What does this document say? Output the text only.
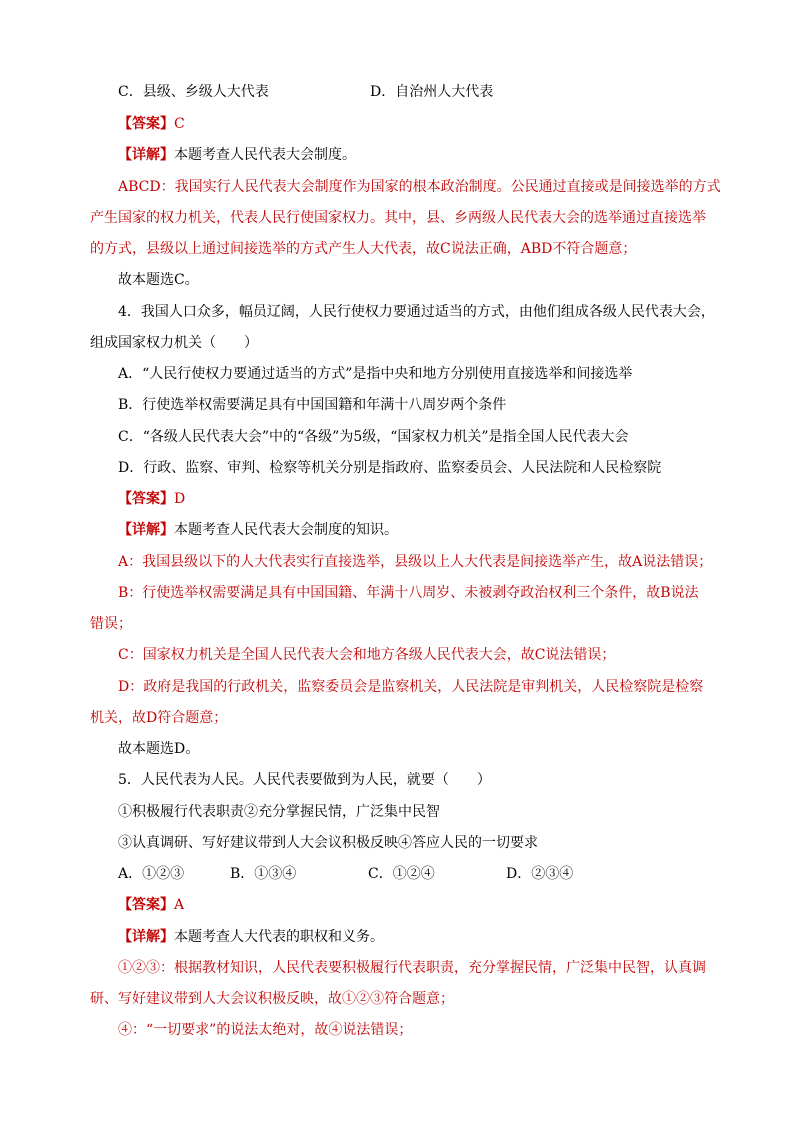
C．县级、乡级人大代表	D．自治州人大代表
【答案】C
【详解】本题考查人民代表大会制度。
ABCD：我国实行人民代表大会制度作为国家的根本政治制度。公民通过直接或是间接选举的方式
产生国家的权力机关，代表人民行使国家权力。其中，县、乡两级人民代表大会的选举通过直接选举
的方式，县级以上通过间接选举的方式产生人大代表，故C说法正确，ABD不符合题意；
故本题选C。
4．我国人口众多，幅员辽阔，人民行使权力要通过适当的方式，由他们组成各级人民代表大会，
组成国家权力机关（　　）
A．“人民行使权力要通过适当的方式”是指中央和地方分别使用直接选举和间接选举
B．行使选举权需要满足具有中国国籍和年满十八周岁两个条件
C．“各级人民代表大会”中的“各级”为5级，“国家权力机关”是指全国人民代表大会
D．行政、监察、审判、检察等机关分别是指政府、监察委员会、人民法院和人民检察院
【答案】D
【详解】本题考查人民代表大会制度的知识。
A：我国县级以下的人大代表实行直接选举，县级以上人大代表是间接选举产生，故A说法错误；
B：行使选举权需要满足具有中国国籍、年满十八周岁、未被剥夺政治权利三个条件，故B说法
错误；
C：国家权力机关是全国人民代表大会和地方各级人民代表大会，故C说法错误；
D：政府是我国的行政机关，监察委员会是监察机关，人民法院是审判机关，人民检察院是检察
机关，故D符合题意；
故本题选D。
5．人民代表为人民。人民代表要做到为人民，就要（　　）
①积极履行代表职责②充分掌握民情，广泛集中民智
③认真调研、写好建议带到人大会议积极反映④答应人民的一切要求
A．①②③	B．①③④	C．①②④	D．②③④
【答案】A
【详解】本题考查人大代表的职权和义务。
①②③：根据教材知识，人民代表要积极履行代表职责，充分掌握民情，广泛集中民智，认真调
研、写好建议带到人大会议积极反映，故①②③符合题意；
④：“一切要求”的说法太绝对，故④说法错误；
